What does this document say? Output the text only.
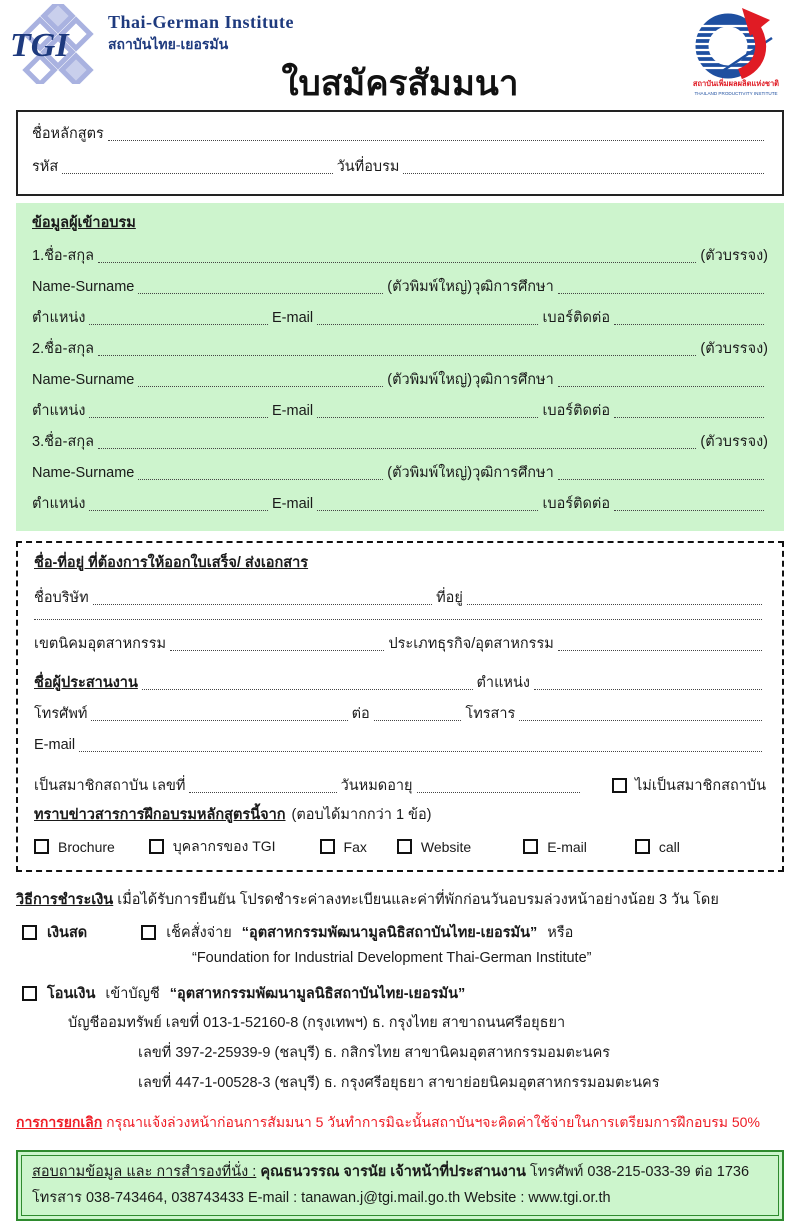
TGI
Thai-German Institute
สถาบันไทย-เยอรมัน
สถาบันเพิ่มผลผลิตแห่งชาติ
THAILAND PRODUCTIVITY INSTITUTE
ใบสมัครสัมมนา
ชื่อหลักสูตร
รหัส	วันที่อบรม
ข้อมูลผู้เข้าอบรม
1.ชื่อ-สกุล	(ตัวบรรจง)
Name-Surname	(ตัวพิมพ์ใหญ่) วุฒิการศึกษา
ตำแหน่ง	E-mail	เบอร์ติดต่อ
2.ชื่อ-สกุล	(ตัวบรรจง)
Name-Surname	(ตัวพิมพ์ใหญ่) วุฒิการศึกษา
ตำแหน่ง	E-mail	เบอร์ติดต่อ
3.ชื่อ-สกุล	(ตัวบรรจง)
Name-Surname	(ตัวพิมพ์ใหญ่) วุฒิการศึกษา
ตำแหน่ง	E-mail	เบอร์ติดต่อ
ชื่อ-ที่อยู่ ที่ต้องการให้ออกใบเสร็จ/ ส่งเอกสาร
ชื่อบริษัท	ที่อยู่
เขตนิคมอุตสาหกรรม	ประเภทธุรกิจ/อุตสาหกรรม
ชื่อผู้ประสานงาน	ตำแหน่ง
โทรศัพท์	ต่อ	โทรสาร
E-mail
เป็นสมาชิกสถาบัน เลขที่	วันหมดอายุ	ไม่เป็นสมาชิกสถาบัน
ทราบข่าวสารการฝึกอบรมหลักสูตรนี้จาก (ตอบได้มากกว่า 1 ข้อ)
Brochure	บุคลากรของ TGI	Fax	Website	E-mail	call
วิธีการชำระเงิน เมื่อได้รับการยืนยัน โปรดชำระค่าลงทะเบียนและค่าที่พักก่อนวันอบรมล่วงหน้าอย่างน้อย 3 วัน โดย
เงินสด	เช็คสั่งจ่าย “อุตสาหกรรมพัฒนามูลนิธิสถาบันไทย-เยอรมัน” หรือ
“Foundation for Industrial Development Thai-German Institute”
โอนเงิน เข้าบัญชี “อุตสาหกรรมพัฒนามูลนิธิสถาบันไทย-เยอรมัน”
บัญชีออมทรัพย์ เลขที่ 013-1-52160-8 (กรุงเทพฯ) ธ. กรุงไทย สาขาถนนศรีอยุธยา
เลขที่ 397-2-25939-9 (ชลบุรี) ธ. กสิกรไทย สาขานิคมอุตสาหกรรมอมตะนคร
เลขที่ 447-1-00528-3 (ชลบุรี) ธ. กรุงศรีอยุธยา สาขาย่อยนิคมอุตสาหกรรมอมตะนคร
การการยกเลิก กรุณาแจ้งล่วงหน้าก่อนการสัมมนา 5 วันทำการมิฉะนั้นสถาบันฯจะคิดค่าใช้จ่ายในการเตรียมการฝึกอบรม 50%
สอบถามข้อมูล และ การสำรองที่นั่ง : คุณธนวรรณ จารนัย เจ้าหน้าที่ประสานงาน โทรศัพท์ 038-215-033-39 ต่อ 1736
โทรสาร 038-743464, 038743433 E-mail : tanawan.j@tgi.mail.go.th Website : www.tgi.or.th
